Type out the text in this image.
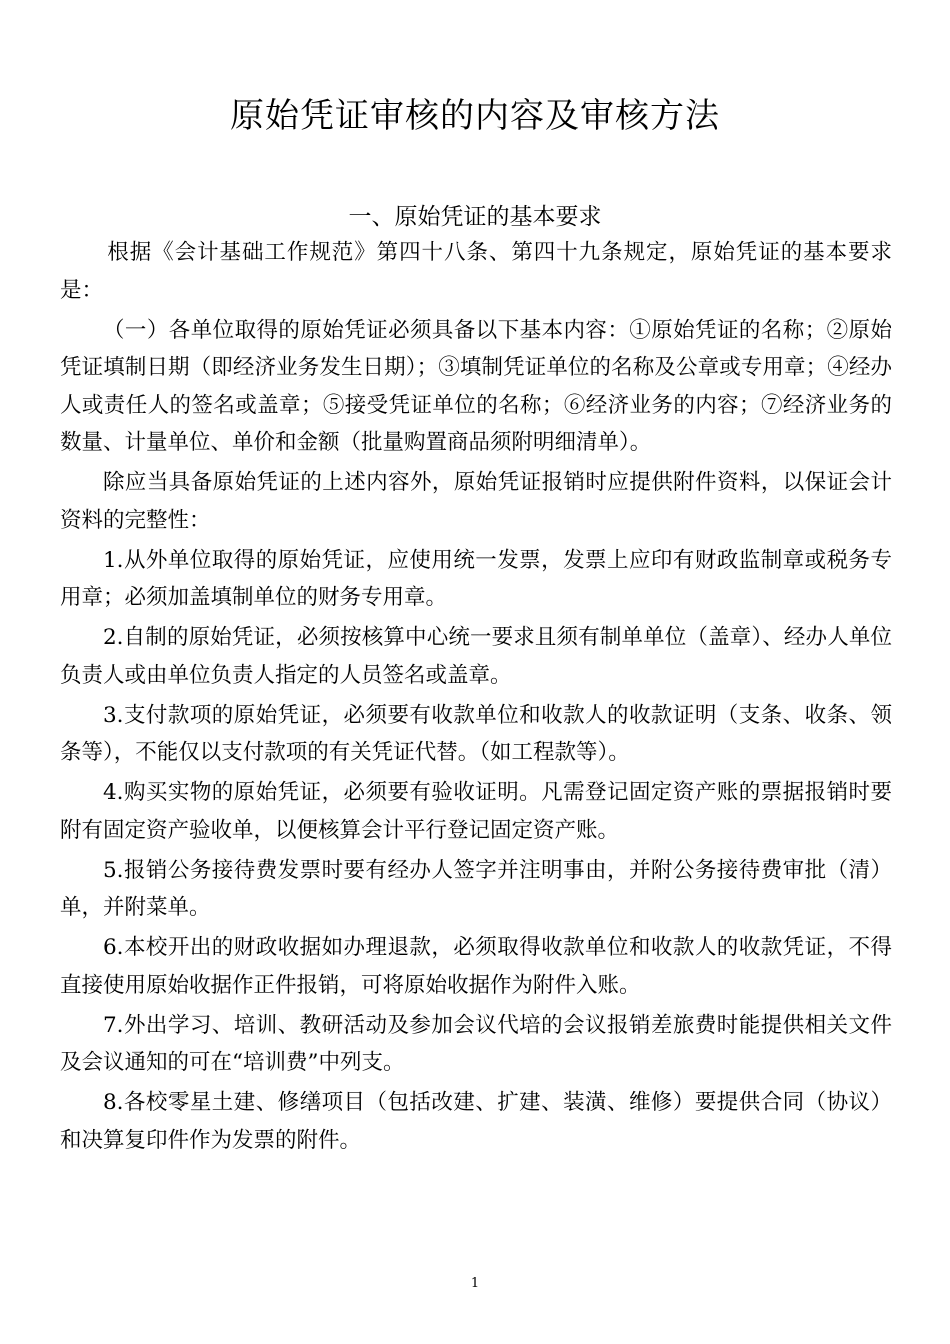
原始凭证审核的内容及审核方法
一、原始凭证的基本要求

根据《会计基础工作规范》第四十八条、第四十九条规定，原始凭证的基本要求是：

（一）各单位取得的原始凭证必须具备以下基本内容：①原始凭证的名称；②原始凭证填制日期（即经济业务发生日期）；③填制凭证单位的名称及公章或专用章；④经办人或责任人的签名或盖章；⑤接受凭证单位的名称；⑥经济业务的内容；⑦经济业务的数量、计量单位、单价和金额（批量购置商品须附明细清单）。

除应当具备原始凭证的上述内容外，原始凭证报销时应提供附件资料，以保证会计资料的完整性：

1.从外单位取得的原始凭证，应使用统一发票，发票上应印有财政监制章或税务专用章；必须加盖填制单位的财务专用章。

2.自制的原始凭证，必须按核算中心统一要求且须有制单单位（盖章）、经办人单位负责人或由单位负责人指定的人员签名或盖章。

3.支付款项的原始凭证，必须要有收款单位和收款人的收款证明（支条、收条、领条等），不能仅以支付款项的有关凭证代替。（如工程款等）。

4.购买实物的原始凭证，必须要有验收证明。凡需登记固定资产账的票据报销时要附有固定资产验收单，以便核算会计平行登记固定资产账。

5.报销公务接待费发票时要有经办人签字并注明事由，并附公务接待费审批（清）单，并附菜单。

6.本校开出的财政收据如办理退款，必须取得收款单位和收款人的收款凭证，不得直接使用原始收据作正件报销，可将原始收据作为附件入账。

7.外出学习、培训、教研活动及参加会议代培的会议报销差旅费时能提供相关文件及会议通知的可在“培训费”中列支。

8.各校零星土建、修缮项目（包括改建、扩建、装潢、维修）要提供合同（协议）和决算复印件作为发票的附件。

1
